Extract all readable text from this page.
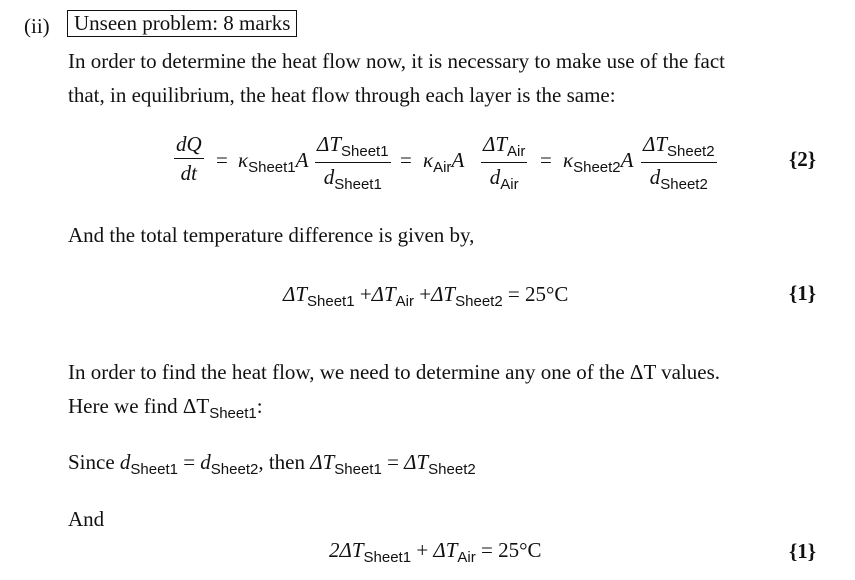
(ii)	Unseen problem: 8 marks
In order to determine the heat flow now, it is necessary to make use of the fact
that, in equilibrium, the heat flow through each layer is the same:
dQ
dt
= $\kappa_{Sheet1}A$
$\Delta T_{Sheet1}$
$d_{Sheet1}$
= $\kappa_{Air}A$
$\Delta T_{Air}$
$d_{Air}$
= $\kappa_{Sheet2}A$
$\Delta T_{Sheet2}$
$d_{Sheet2}$
{2}
And the total temperature difference is given by,
$\Delta T_{Sheet1} +\Delta T_{Air} +\Delta T_{Sheet2} = 25^\circ C$	{1}
In order to find the heat flow, we need to determine any one of the ΔT values.
Here we find $\Delta T_{Sheet1}$:
Since $d_{Sheet1} = d_{Sheet2}$, then $\Delta T_{Sheet1} = \Delta T_{Sheet2}$
And
$2\Delta T_{Sheet1} + \Delta T_{Air} = 25^\circ C$	{1}
